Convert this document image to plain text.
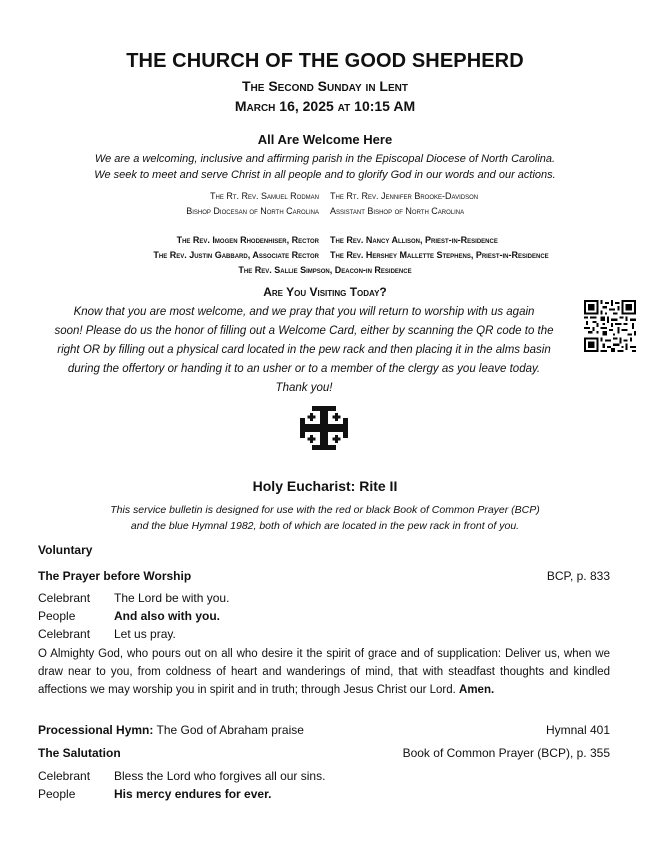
THE CHURCH OF THE GOOD SHEPHERD
The Second Sunday in Lent
March 16, 2025 at 10:15 AM
All Are Welcome Here
We are a welcoming, inclusive and affirming parish in the Episcopal Diocese of North Carolina.
We seek to meet and serve Christ in all people and to glorify God in our words and our actions.
The Rt. Rev. Samuel Rodman The Rt. Rev. Jennifer Brooke-Davidson
Bishop Diocesan of North Carolina Assistant Bishop of North Carolina
The Rev. Imogen Rhodenhiser, Rector The Rev. Nancy Allison, Priest-in-Residence
The Rev. Justin Gabbard, Associate Rector The Rev. Hershey Mallette Stephens, Priest-in-Residence
The Rev. Sallie Simpson, Deacon-in Residence
Are You Visiting Today?
Know that you are most welcome, and we pray that you will return to worship with us again
soon! Please do us the honor of filling out a Welcome Card, either by scanning the QR code to the
right OR by filling out a physical card located in the pew rack and then placing it in the alms basin
during the offertory or handing it to an usher or to a member of the clergy as you leave today.
Thank you!
Holy Eucharist: Rite II
This service bulletin is designed for use with the red or black Book of Common Prayer (BCP)
and the blue Hymnal 1982, both of which are located in the pew rack in front of you.
Voluntary
The Prayer before Worship	BCP, p. 833
Celebrant The Lord be with you.
People	And also with you.
Celebrant Let us pray.
O Almighty God, who pours out on all who desire it the spirit of grace and of supplication: Deliver us, when we draw near to you, from coldness of heart and wanderings of mind, that with steadfast thoughts and kindled affections we may worship you in spirit and in truth; through Jesus Christ our Lord. Amen.
Processional Hymn: The God of Abraham praise	Hymnal 401
The Salutation	Book of Common Prayer (BCP), p. 355
Celebrant Bless the Lord who forgives all our sins.
People	His mercy endures for ever.
